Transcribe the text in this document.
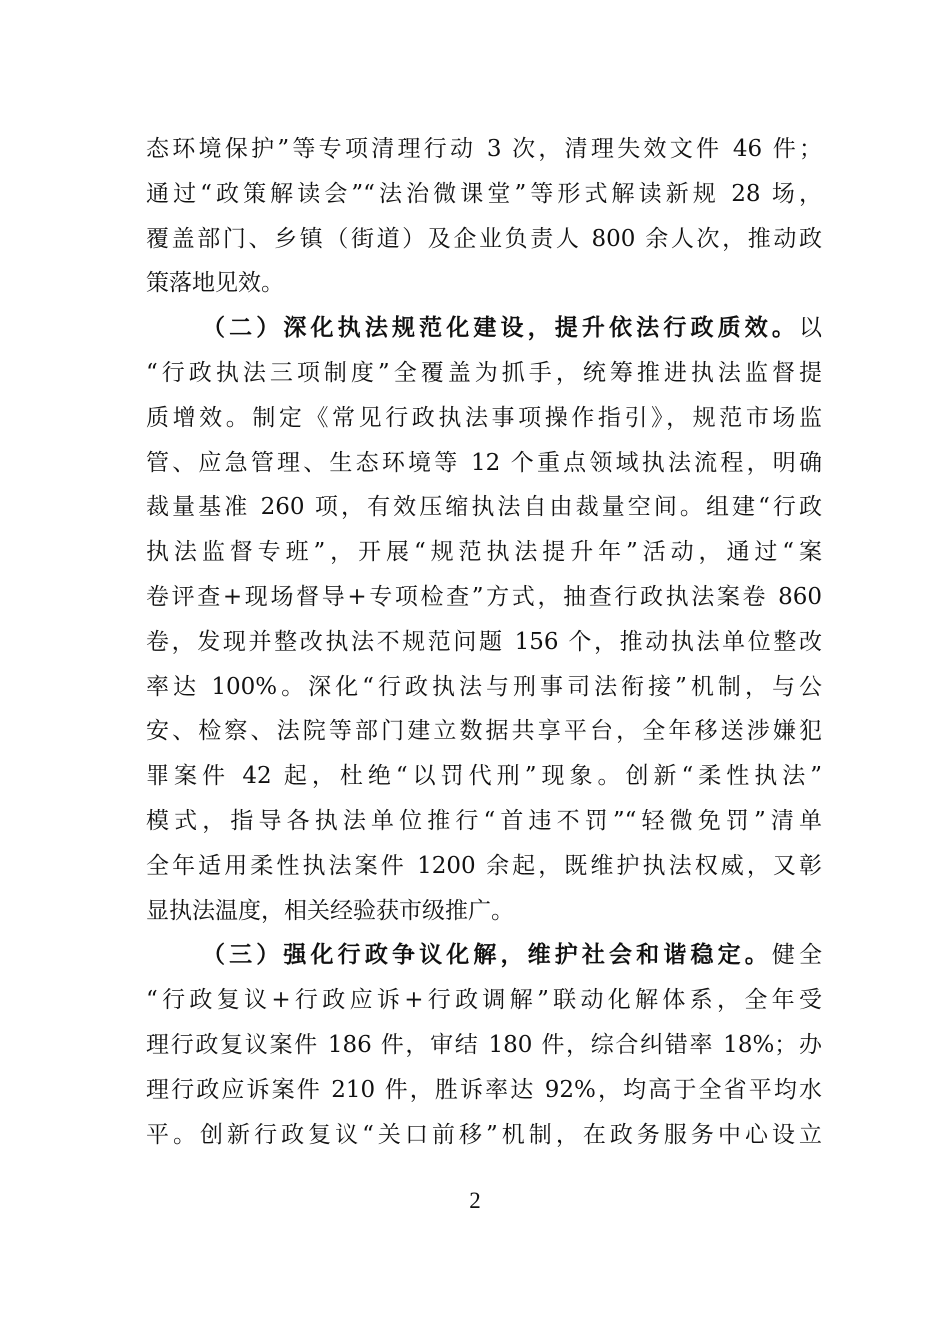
态环境保护”等专项清理行动 3 次，清理失效文件 46 件；
通过“政策解读会”“法治微课堂”等形式解读新规 28 场，
覆盖部门、乡镇（街道）及企业负责人 800 余人次，推动政
策落地见效。
（二）深化执法规范化建设，提升依法行政质效。以
“行政执法三项制度”全覆盖为抓手，统筹推进执法监督提
质增效。制定《常见行政执法事项操作指引》，规范市场监
管、应急管理、生态环境等 12 个重点领域执法流程，明确
裁量基准 260 项，有效压缩执法自由裁量空间。组建“行政
执法监督专班”，开展“规范执法提升年”活动，通过“案
卷评查+现场督导+专项检查”方式，抽查行政执法案卷 860
卷，发现并整改执法不规范问题 156 个，推动执法单位整改
率达 100%。深化“行政执法与刑事司法衔接”机制，与公
安、检察、法院等部门建立数据共享平台，全年移送涉嫌犯
罪案件 42 起，杜绝“以罚代刑”现象。创新“柔性执法”
模式，指导各执法单位推行“首违不罚”“轻微免罚”清单
全年适用柔性执法案件 1200 余起，既维护执法权威，又彰
显执法温度，相关经验获市级推广。
（三）强化行政争议化解，维护社会和谐稳定。健全
“行政复议+行政应诉+行政调解”联动化解体系，全年受
理行政复议案件 186 件，审结 180 件，综合纠错率 18%；办
理行政应诉案件 210 件，胜诉率达 92%，均高于全省平均水
平。创新行政复议“关口前移”机制，在政务服务中心设立
2
